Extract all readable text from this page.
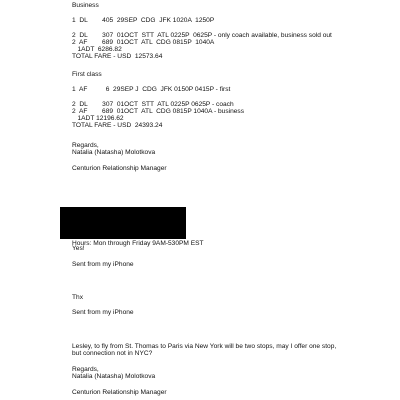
Business

1  DL        405  29SEP  CDG  JFK 1020A  1250P

2  DL        307  01OCT  STT  ATL 0225P  0625P - only coach available, business sold out

2  AF        689  01OCT  ATL  CDG 0815P  1040A

1ADT  6286.82

TOTAL FARE - USD  12573.64

First class

1  AF          6  29SEP J  CDG  JFK 0150P 0415P - first

2  DL        307  01OCT  STT  ATL 0225P 0625P - coach

2  AF        689  01OCT  ATL  CDG 0815P 1040A - business

1ADT 12196.62

TOTAL FARE - USD  24393.24

Regards,

Natalia (Natasha) Molotkova

Centurion Relationship Manager

Hours: Mon through Friday 9AM-530PM EST

Yes!

Sent from my iPhone

Thx

Sent from my iPhone

Lesley, to fly from St. Thomas to Paris via New York will be two stops, may I offer one stop,

but connection not in NYC?

Regards,

Natalia (Natasha) Molotkova

Centurion Relationship Manager
